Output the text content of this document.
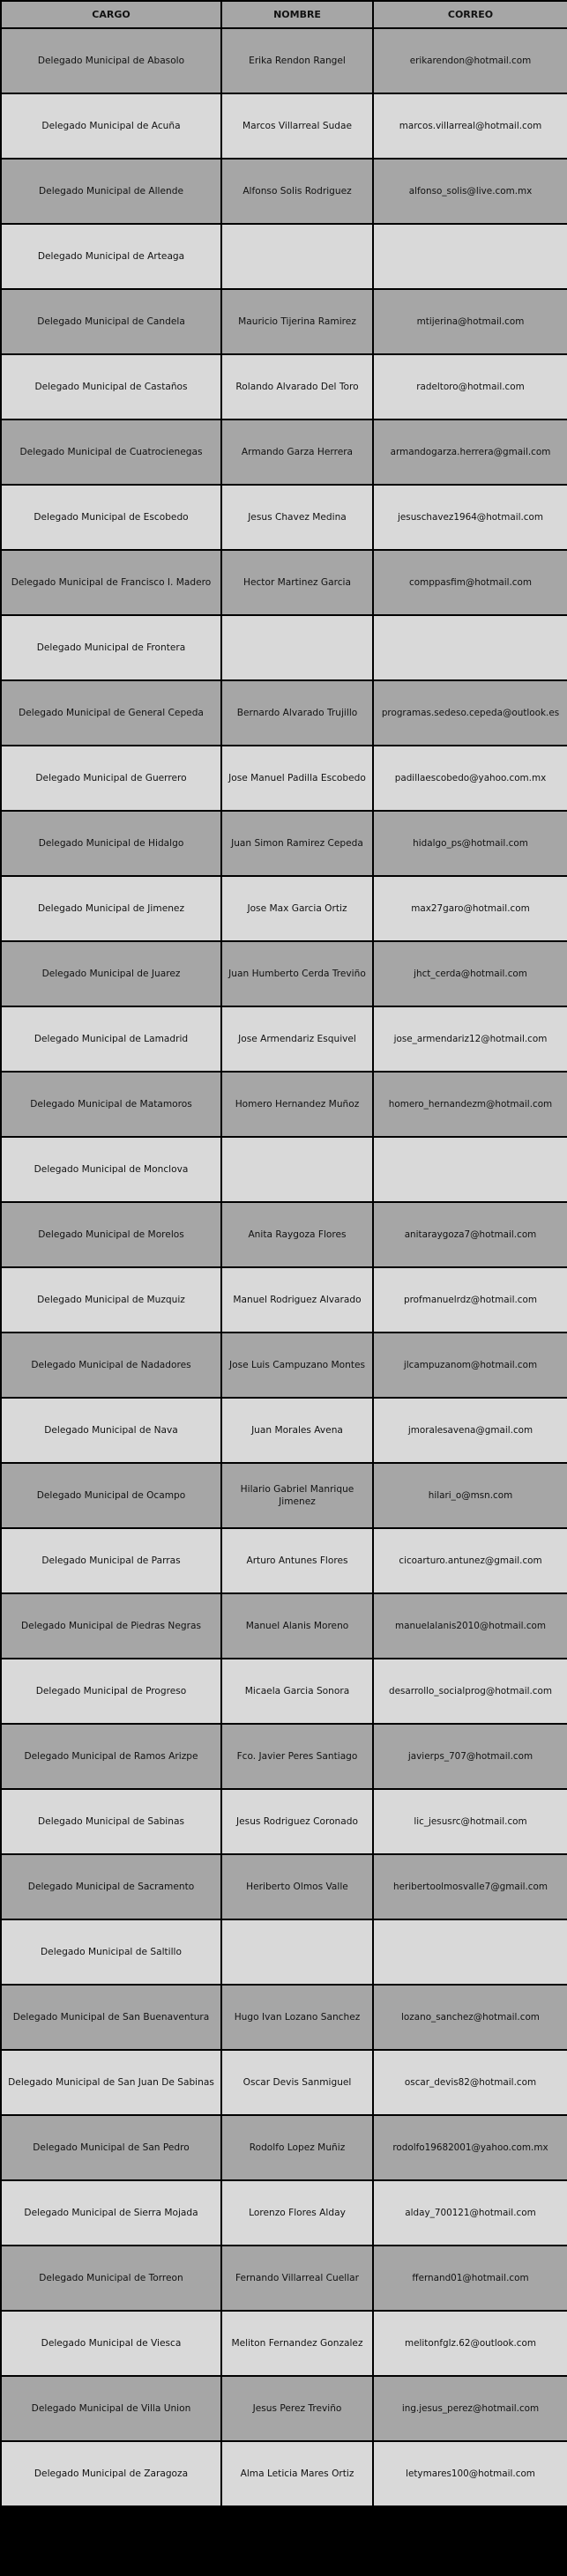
CARGO	NOMBRE	CORREO
Delegado Municipal de Abasolo	Erika Rendon Rangel	erikarendon@hotmail.com
Delegado Municipal de Acuña	Marcos Villarreal Sudae	marcos.villarreal@hotmail.com
Delegado Municipal de Allende	Alfonso Solis Rodriguez	alfonso_solis@live.com.mx
Delegado Municipal de Arteaga		
Delegado Municipal de Candela	Mauricio Tijerina Ramirez	mtijerina@hotmail.com
Delegado Municipal de Castaños	Rolando Alvarado Del Toro	radeltoro@hotmail.com
Delegado Municipal de Cuatrocienegas	Armando Garza Herrera	armandogarza.herrera@gmail.com
Delegado Municipal de Escobedo	Jesus Chavez Medina	jesuschavez1964@hotmail.com
Delegado Municipal de Francisco I. Madero	Hector Martinez Garcia	comppasfim@hotmail.com
Delegado Municipal de Frontera		
Delegado Municipal de General Cepeda	Bernardo Alvarado Trujillo	programas.sedeso.cepeda@outlook.es
Delegado Municipal de Guerrero	Jose Manuel Padilla Escobedo	padillaescobedo@yahoo.com.mx
Delegado Municipal de Hidalgo	Juan Simon Ramirez Cepeda	hidalgo_ps@hotmail.com
Delegado Municipal de Jimenez	Jose Max Garcia Ortiz	max27garo@hotmail.com
Delegado Municipal de Juarez	Juan Humberto Cerda Treviño	jhct_cerda@hotmail.com
Delegado Municipal de Lamadrid	Jose Armendariz Esquivel	jose_armendariz12@hotmail.com
Delegado Municipal de Matamoros	Homero Hernandez Muñoz	homero_hernandezm@hotmail.com
Delegado Municipal de Monclova		
Delegado Municipal de Morelos	Anita Raygoza Flores	anitaraygoza7@hotmail.com
Delegado Municipal de Muzquiz	Manuel Rodriguez Alvarado	profmanuelrdz@hotmail.com
Delegado Municipal de Nadadores	Jose Luis Campuzano Montes	jlcampuzanom@hotmail.com
Delegado Municipal de Nava	Juan Morales Avena	jmoralesavena@gmail.com
Delegado Municipal de Ocampo	Hilario Gabriel Manrique Jimenez	hilari_o@msn.com
Delegado Municipal de Parras	Arturo Antunes Flores	cicoarturo.antunez@gmail.com
Delegado Municipal de Piedras Negras	Manuel Alanis Moreno	manuelalanis2010@hotmail.com
Delegado Municipal de Progreso	Micaela Garcia Sonora	desarrollo_socialprog@hotmail.com
Delegado Municipal de Ramos Arizpe	Fco. Javier Peres Santiago	javierps_707@hotmail.com
Delegado Municipal de Sabinas	Jesus Rodriguez Coronado	lic_jesusrc@hotmail.com
Delegado Municipal de Sacramento	Heriberto Olmos Valle	heribertoolmosvalle7@gmail.com
Delegado Municipal de Saltillo		
Delegado Municipal de San Buenaventura	Hugo Ivan Lozano Sanchez	lozano_sanchez@hotmail.com
Delegado Municipal de San Juan De Sabinas	Oscar Devis Sanmiguel	oscar_devis82@hotmail.com
Delegado Municipal de San Pedro	Rodolfo Lopez Muñiz	rodolfo19682001@yahoo.com.mx
Delegado Municipal de Sierra Mojada	Lorenzo Flores Alday	alday_700121@hotmail.com
Delegado Municipal de Torreon	Fernando Villarreal Cuellar	ffernand01@hotmail.com
Delegado Municipal de Viesca	Meliton Fernandez Gonzalez	melitonfglz.62@outlook.com
Delegado Municipal de Villa Union	Jesus Perez Treviño	ing.jesus_perez@hotmail.com
Delegado Municipal de Zaragoza	Alma Leticia Mares Ortiz	letymares100@hotmail.com
